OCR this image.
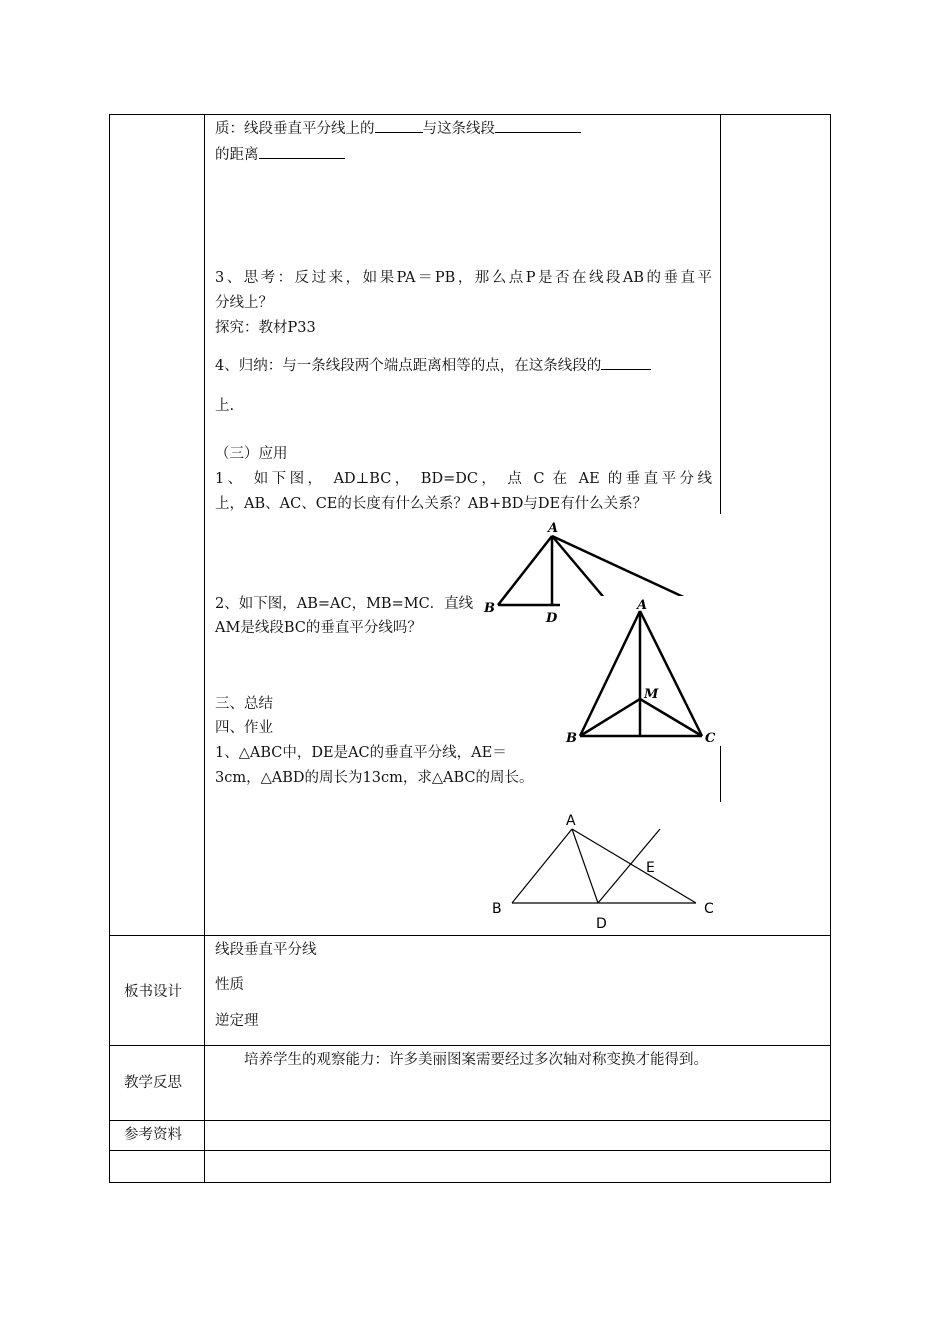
质：线段垂直平分线上的	与这条线段
的距离
3、思考：反过来，如果PA＝PB，那么点P是否在线段AB的垂直平
分线上？
探究：教材P33
4、归纳：与一条线段两个端点距离相等的点，在这条线段的
上.
（三）应用
1、 如下图， AD⊥BC， BD=DC， 点 C 在 AE 的垂直平分线
上，AB、AC、CE的长度有什么关系？AB+BD与DE有什么关系？
2、如下图，AB=AC，MB=MC．直线
AM是线段BC的垂直平分线吗？
三、总结
四、作业
1、△ABC中，DE是AC的垂直平分线，AE＝
3cm，△ABD的周长为13cm，求△ABC的周长。
A
B
D
A
M
B	C
A
E
B
D
C
板书设计
线段垂直平分线
性质
逆定理
教学反思
培养学生的观察能力：许多美丽图案需要经过多次轴对称变换才能得到。
参考资料
